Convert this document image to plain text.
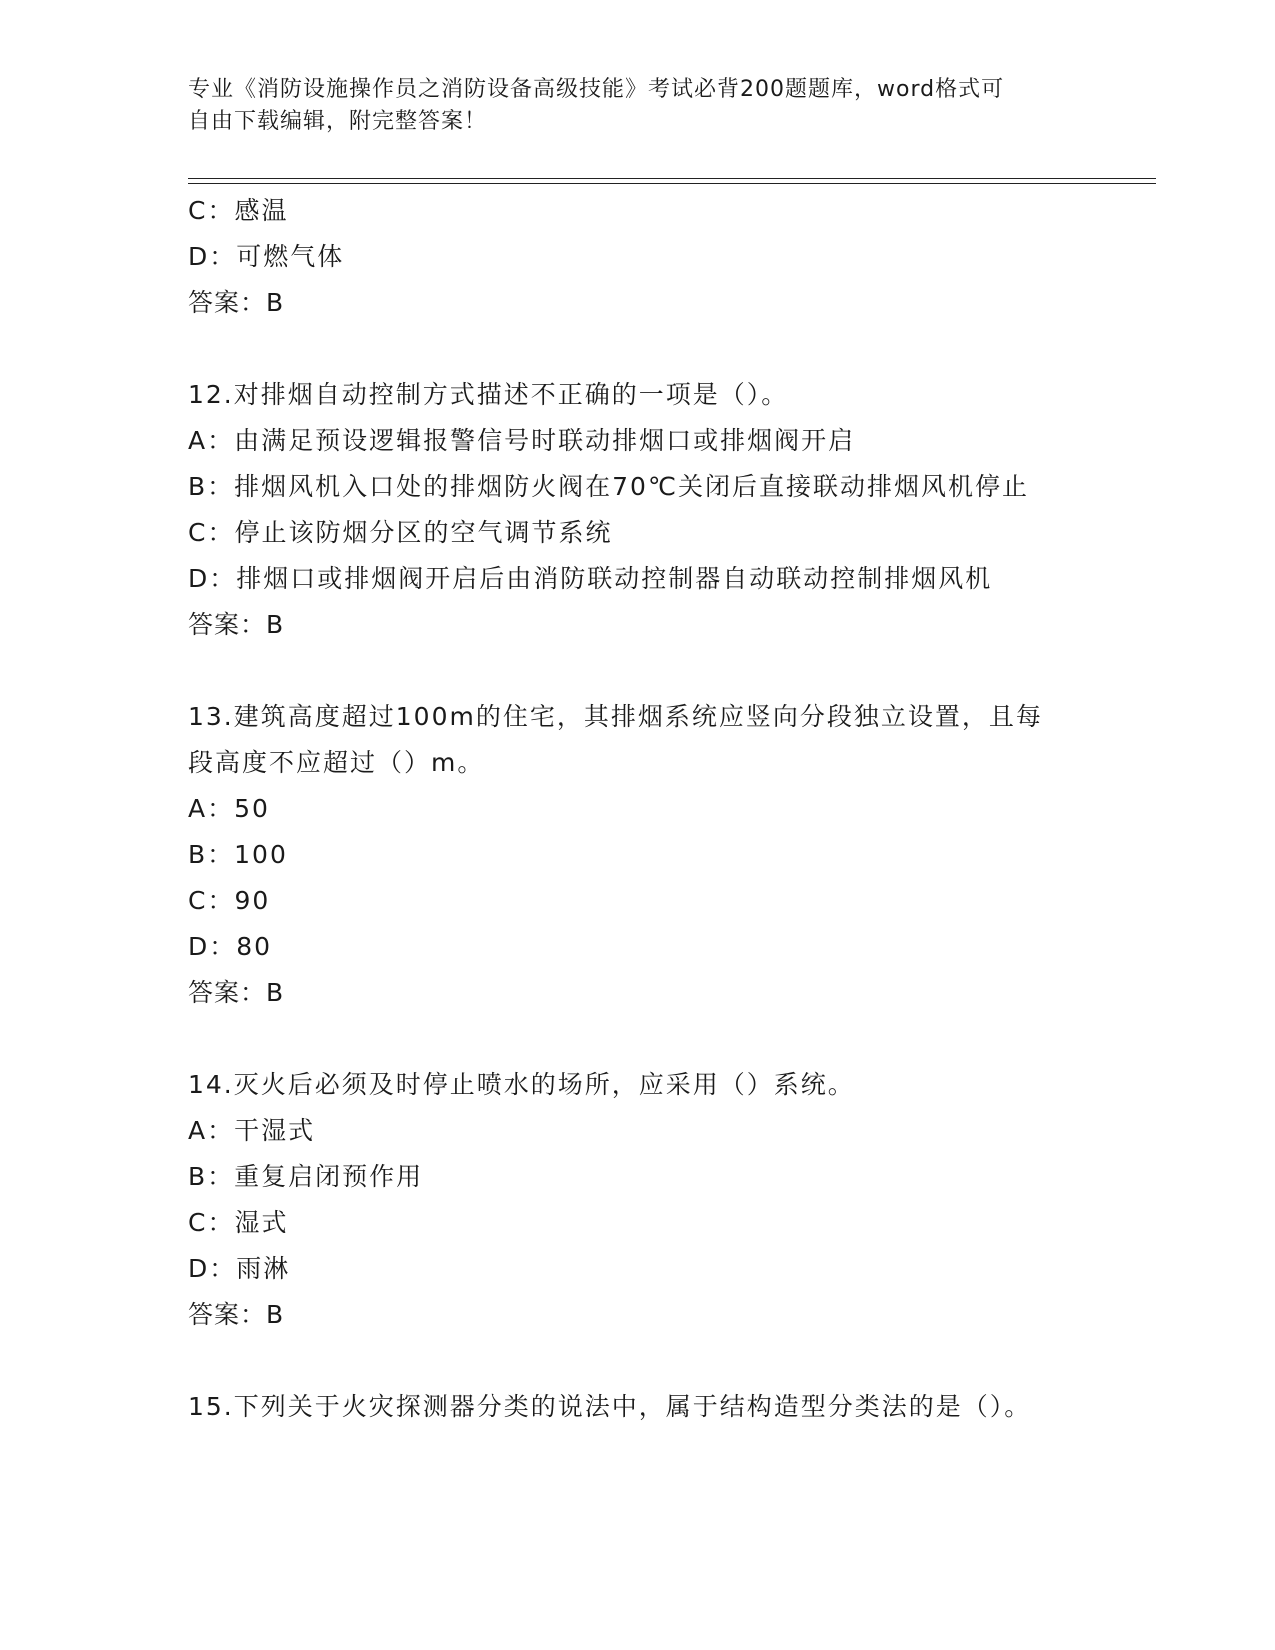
专业《消防设施操作员之消防设备高级技能》考试必背200题题库，word格式可
自由下载编辑，附完整答案！
C：感温
D：可燃气体
答案：B
12.对排烟自动控制方式描述不正确的一项是（）。
A：由满足预设逻辑报警信号时联动排烟口或排烟阀开启
B：排烟风机入口处的排烟防火阀在70℃关闭后直接联动排烟风机停止
C：停止该防烟分区的空气调节系统
D：排烟口或排烟阀开启后由消防联动控制器自动联动控制排烟风机
答案：B
13.建筑高度超过100m的住宅，其排烟系统应竖向分段独立设置，且每段高度不应超过（）m。
A：50
B：100
C：90
D：80
答案：B
14.灭火后必须及时停止喷水的场所，应采用（）系统。
A：干湿式
B：重复启闭预作用
C：湿式
D：雨淋
答案：B
15.下列关于火灾探测器分类的说法中，属于结构造型分类法的是（）。
